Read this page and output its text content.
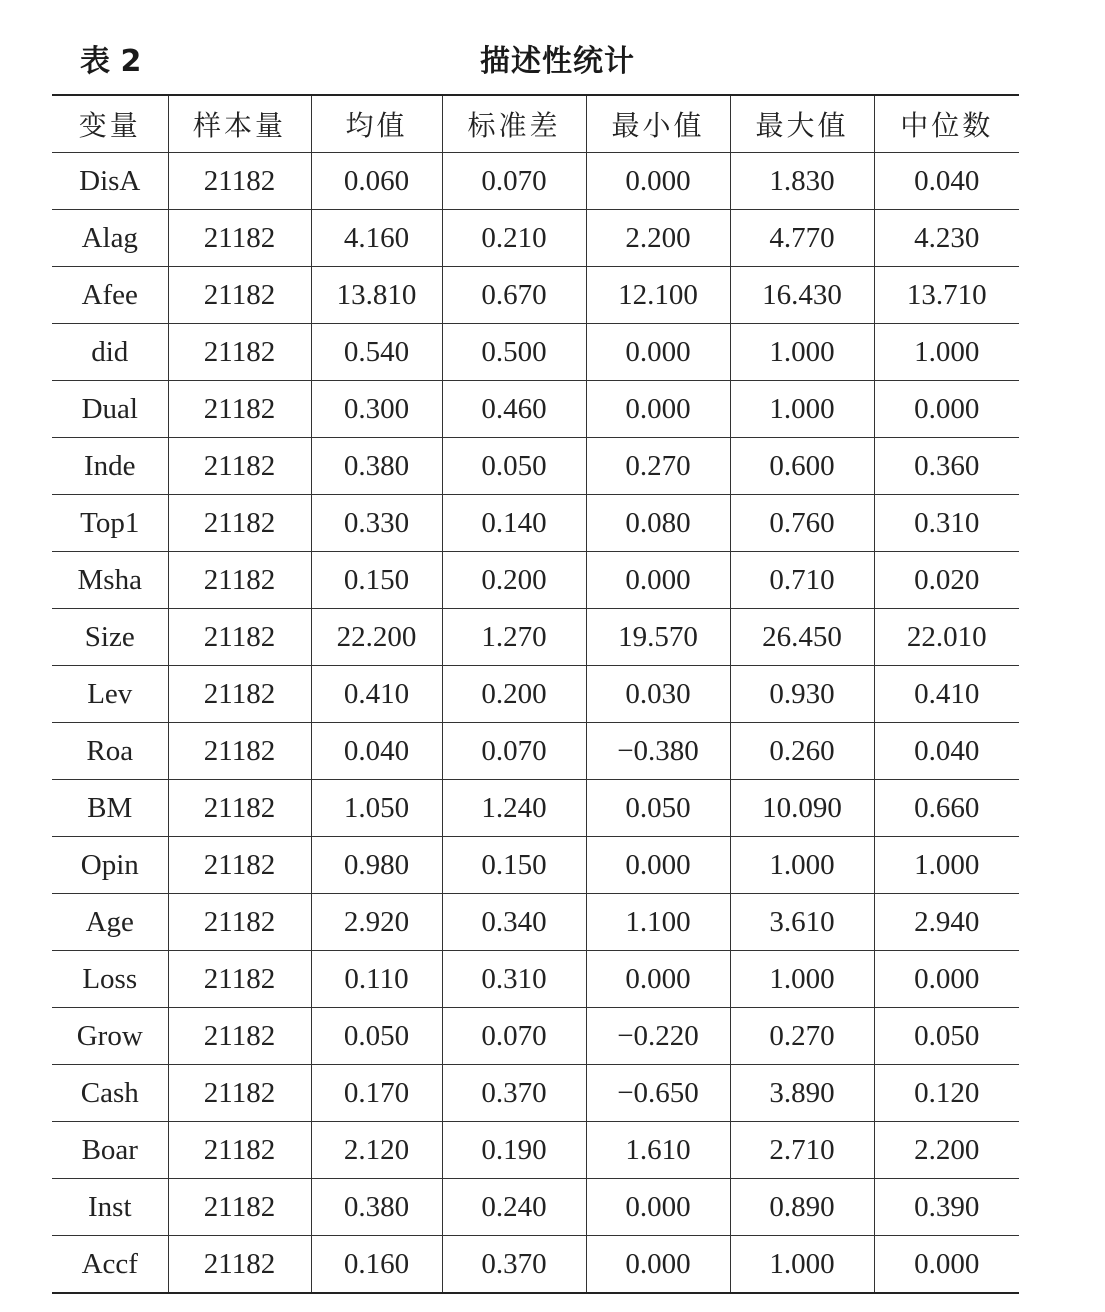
表 2	描述性统计
变量	样本量	均值	标准差	最小值	最大值	中位数
DisA	21182	0.060	0.070	0.000	1.830	0.040
Alag	21182	4.160	0.210	2.200	4.770	4.230
Afee	21182	13.810	0.670	12.100	16.430	13.710
did	21182	0.540	0.500	0.000	1.000	1.000
Dual	21182	0.300	0.460	0.000	1.000	0.000
Inde	21182	0.380	0.050	0.270	0.600	0.360
Top1	21182	0.330	0.140	0.080	0.760	0.310
Msha	21182	0.150	0.200	0.000	0.710	0.020
Size	21182	22.200	1.270	19.570	26.450	22.010
Lev	21182	0.410	0.200	0.030	0.930	0.410
Roa	21182	0.040	0.070	−0.380	0.260	0.040
BM	21182	1.050	1.240	0.050	10.090	0.660
Opin	21182	0.980	0.150	0.000	1.000	1.000
Age	21182	2.920	0.340	1.100	3.610	2.940
Loss	21182	0.110	0.310	0.000	1.000	0.000
Grow	21182	0.050	0.070	−0.220	0.270	0.050
Cash	21182	0.170	0.370	−0.650	3.890	0.120
Boar	21182	2.120	0.190	1.610	2.710	2.200
Inst	21182	0.380	0.240	0.000	0.890	0.390
Accf	21182	0.160	0.370	0.000	1.000	0.000
